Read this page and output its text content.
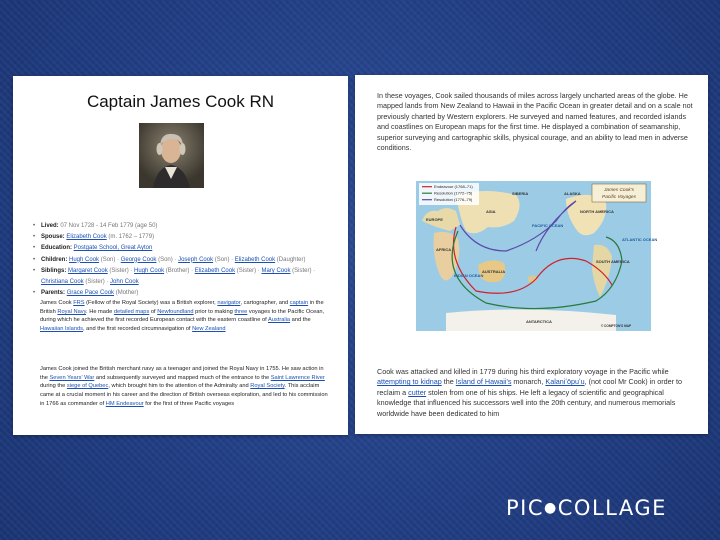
Captain James Cook RN
• Lived: 07 Nov 1728 - 14 Feb 1779 (age 50)
• Spouse: Elizabeth Cook (m. 1762 – 1779)
• Education: Postgate School, Great Ayton
• Children: Hugh Cook (Son) · George Cook (Son) · Joseph Cook (Son) · Elizabeth Cook (Daughter)
• Siblings: Margaret Cook (Sister) · Hugh Cook (Brother) · Elizabeth Cook (Sister) · Mary Cook (Sister) · Christiana Cook (Sister) · John Cook
• Parents: Grace Pace Cook (Mother)
James Cook FRS (Fellow of the Royal Society) was a British explorer, navigator, cartographer, and captain in the British Royal Navy. He made detailed maps of Newfoundland prior to making three voyages to the Pacific Ocean, during which he achieved the first recorded European contact with the eastern coastline of Australia and the Hawaiian Islands, and the first recorded circumnavigation of New Zealand
James Cook joined the British merchant navy as a teenager and joined the Royal Navy in 1755. He saw action in the Seven Years' War and subsequently surveyed and mapped much of the entrance to the Saint Lawrence River during the siege of Quebec, which brought him to the attention of the Admiralty and Royal Society. This acclaim came at a crucial moment in his career and the direction of British overseas exploration, and led to his commission in 1766 as commander of HM Endeavour for the first of three Pacific voyages
In these voyages, Cook sailed thousands of miles across largely uncharted areas of the globe. He mapped lands from New Zealand to Hawaii in the Pacific Ocean in greater detail and on a scale not previously charted by Western explorers. He surveyed and named features, and recorded islands and coastlines on European maps for the first time. He displayed a combination of seamanship, superior surveying and cartographic skills, physical courage, and an ability to lead men in adverse conditions.
Endeavour (1768–71)
Resolution (1772–75)
Resolution (1776–79)
James Cook's
Pacific Voyages
ASIA
EUROPE
AFRICA
INDIAN OCEAN
AUSTRALIA
NORTH AMERICA
SOUTH AMERICA
PACIFIC OCEAN
ATLANTIC OCEAN
ANTARCTICA
SIBERIA	ALASKA
© COMPTON'S MAP
Cook was attacked and killed in 1779 during his third exploratory voyage in the Pacific while attempting to kidnap the Island of Hawaii's monarch, Kalaniʻōpuʻu, (not cool Mr Cook) in order to reclaim a cutter stolen from one of his ships. He left a legacy of scientific and geographical knowledge that influenced his successors well into the 20th century, and numerous memorials worldwide have been dedicated to him
PIC●COLLAGE
